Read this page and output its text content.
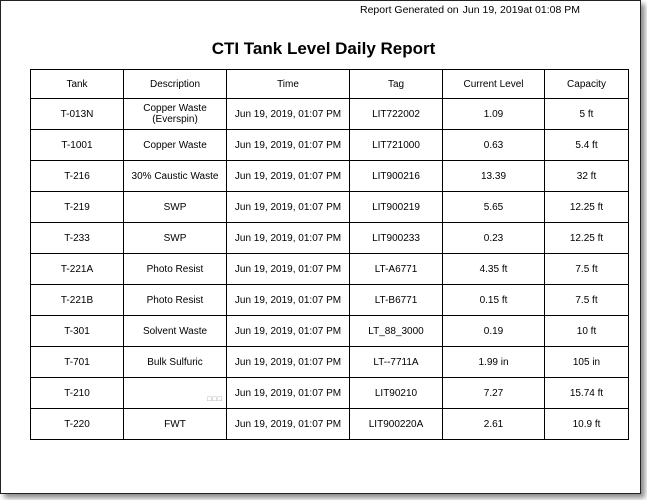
Report Generated on Jun 19, 2019at 01:08 PM
CTI Tank Level Daily Report
Tank	Description	Time	Tag	Current Level	Capacity
T-013N	Copper Waste (Everspin)	Jun 19, 2019, 01:07 PM	LIT722002	1.09	5 ft
T-1001	Copper Waste	Jun 19, 2019, 01:07 PM	LIT721000	0.63	5.4 ft
T-216	30% Caustic Waste	Jun 19, 2019, 01:07 PM	LIT900216	13.39	32 ft
T-219	SWP	Jun 19, 2019, 01:07 PM	LIT900219	5.65	12.25 ft
T-233	SWP	Jun 19, 2019, 01:07 PM	LIT900233	0.23	12.25 ft
T-221A	Photo Resist	Jun 19, 2019, 01:07 PM	LT-A6771	4.35 ft	7.5 ft
T-221B	Photo Resist	Jun 19, 2019, 01:07 PM	LT-B6771	0.15 ft	7.5 ft
T-301	Solvent Waste	Jun 19, 2019, 01:07 PM	LT_88_3000	0.19	10 ft
T-701	Bulk Sulfuric	Jun 19, 2019, 01:07 PM	LT--7711A	1.99 in	105 in
T-210	□□□	Jun 19, 2019, 01:07 PM	LIT90210	7.27	15.74 ft
T-220	FWT	Jun 19, 2019, 01:07 PM	LIT900220A	2.61	10.9 ft
